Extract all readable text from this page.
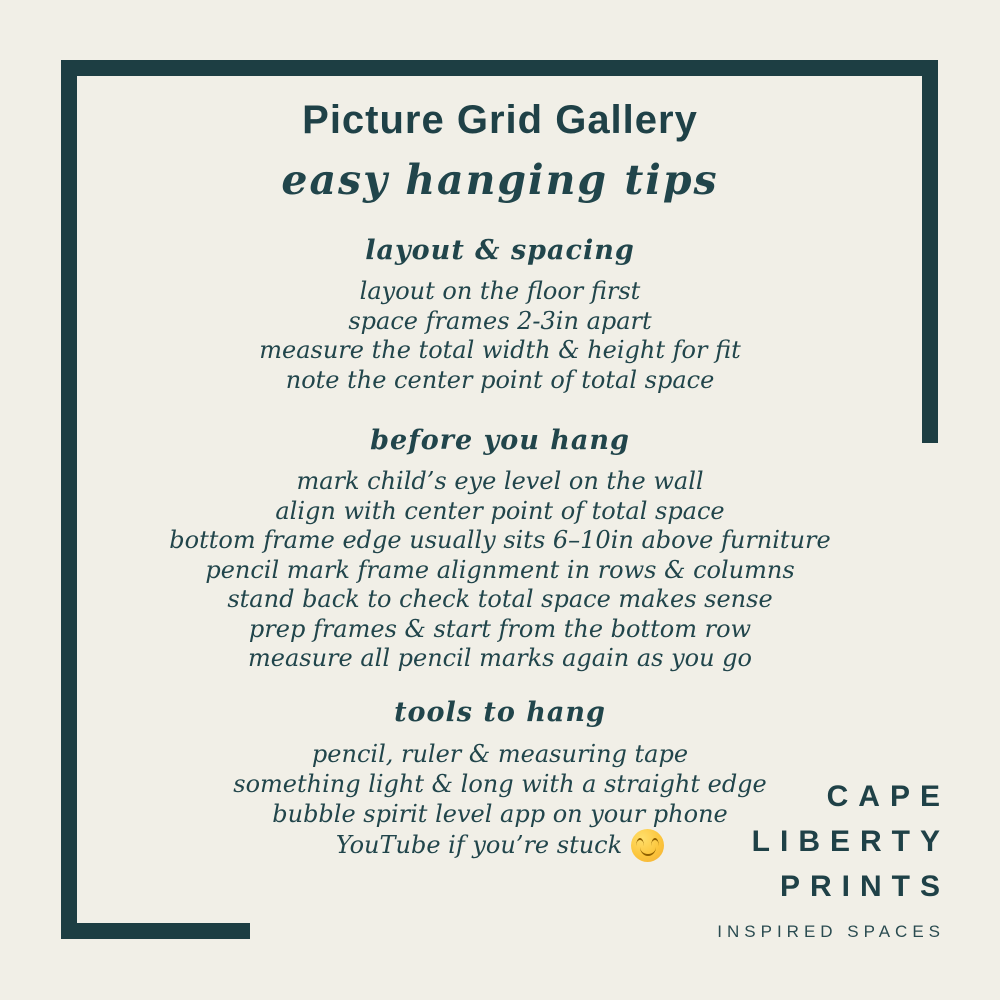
Picture Grid Gallery
easy hanging tips
layout & spacing
layout on the floor first
space frames 2-3in apart
measure the total width & height for fit
note the center point of total space
before you hang
mark child’s eye level on the wall
align with center point of total space
bottom frame edge usually sits 6–10in above furniture
pencil mark frame alignment in rows & columns
stand back to check total space makes sense
prep frames & start from the bottom row
measure all pencil marks again as you go
tools to hang
pencil, ruler & measuring tape
something light & long with a straight edge
bubble spirit level app on your phone
YouTube if you’re stuck
CAPE
LIBERTY
PRINTS
INSPIRED SPACES
